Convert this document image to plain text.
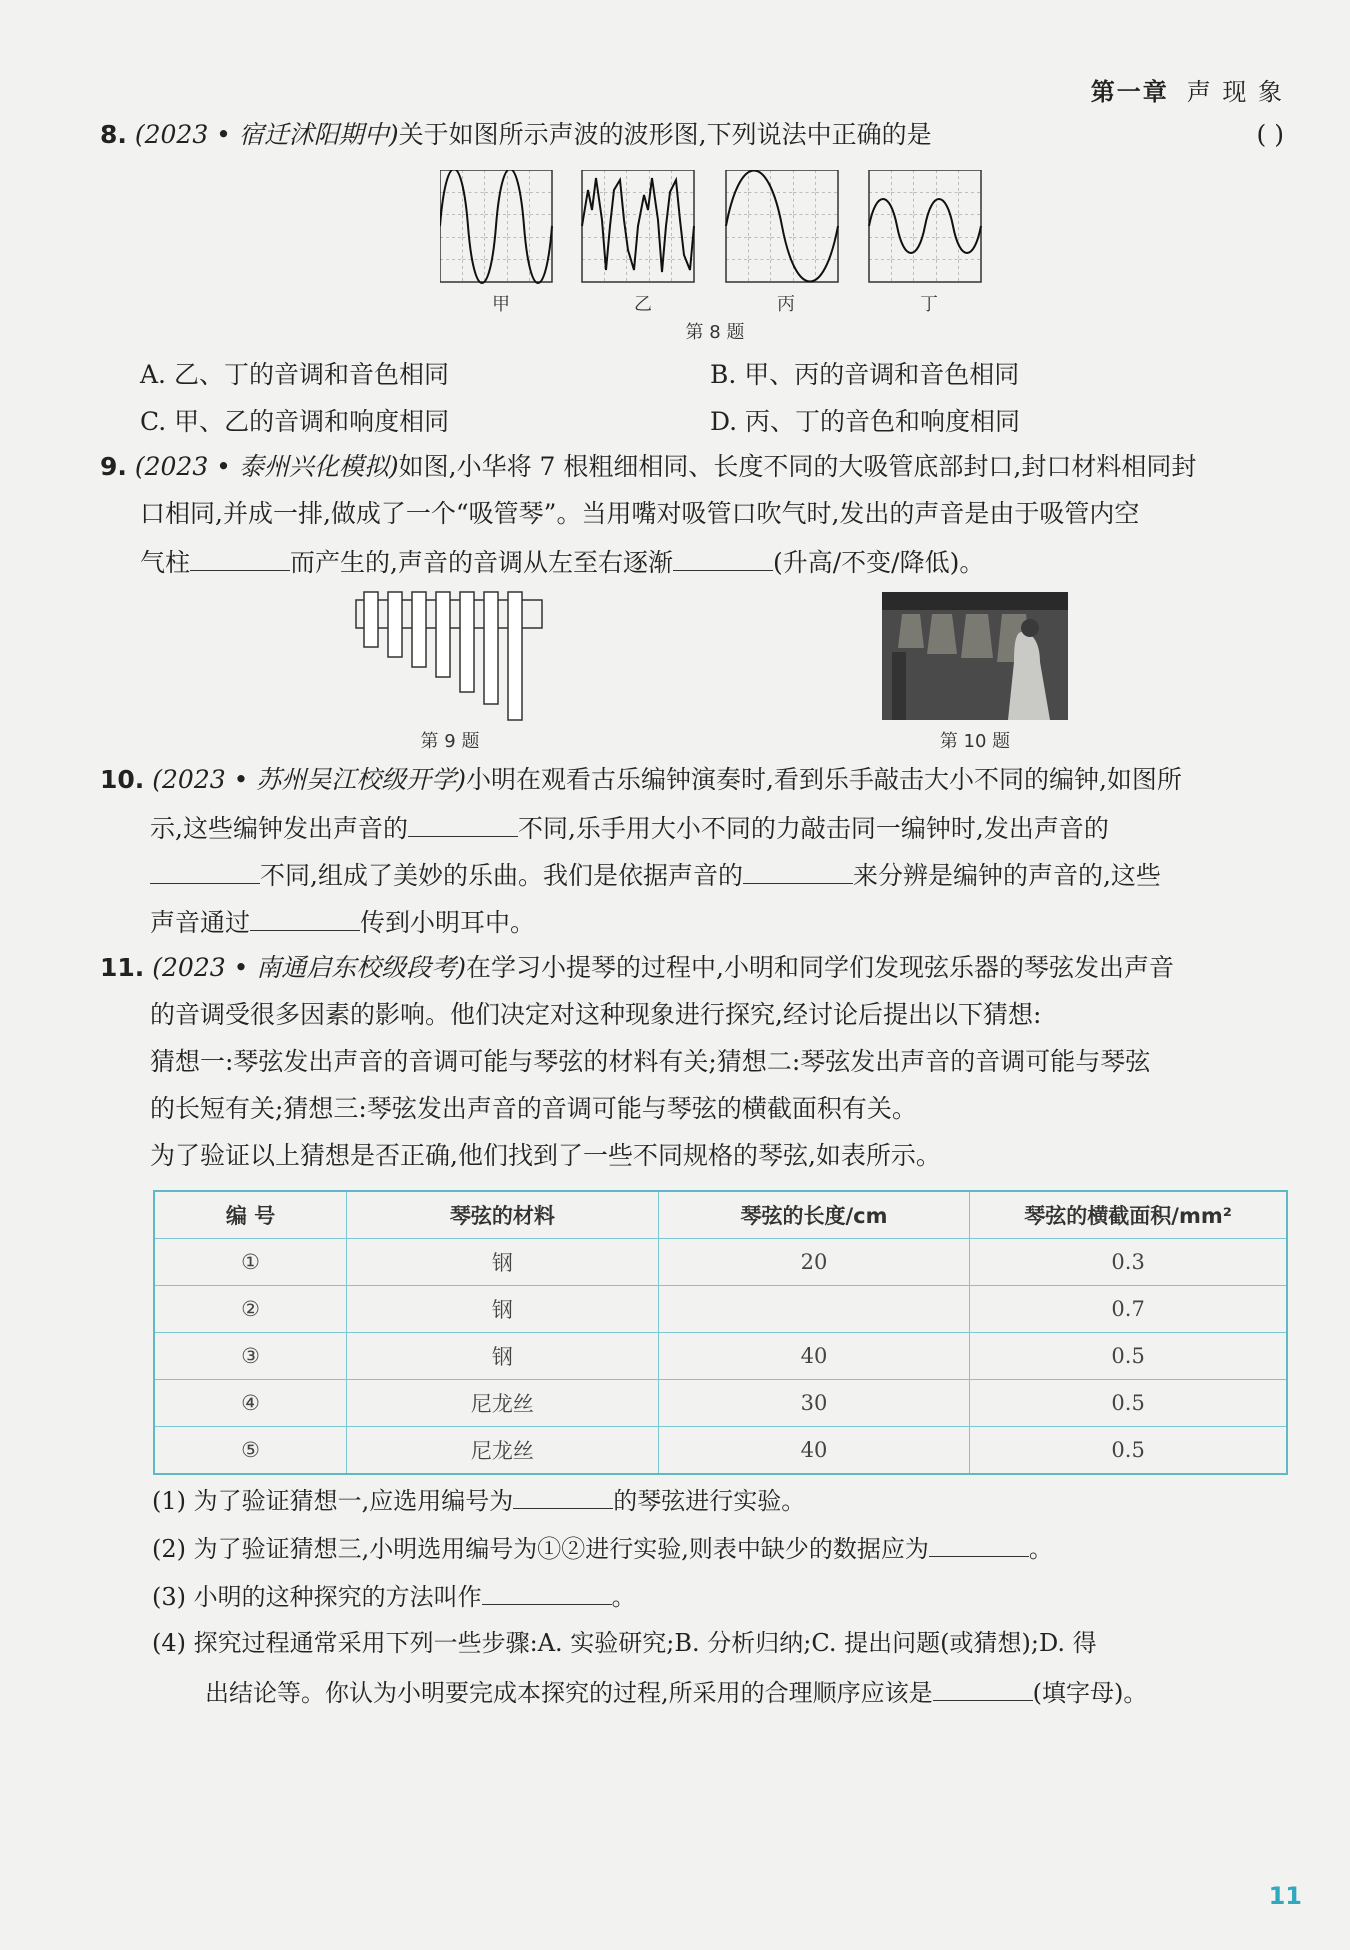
第一章 声 现 象
8. (2023 • 宿迁沭阳期中)关于如图所示声波的波形图,下列说法中正确的是	( )
甲	乙	丙	丁
第 8 题
A. 乙、丁的音调和音色相同	B. 甲、丙的音调和音色相同
C. 甲、乙的音调和响度相同	D. 丙、丁的音色和响度相同
9. (2023 • 泰州兴化模拟)如图,小华将 7 根粗细相同、长度不同的大吸管底部封口,封口材料相同封
口相同,并成一排,做成了一个“吸管琴”。当用嘴对吸管口吹气时,发出的声音是由于吸管内空
气柱	而产生的,声音的音调从左至右逐渐	(升高/不变/降低)。
第 9 题	第 10 题
10. (2023 • 苏州吴江校级开学)小明在观看古乐编钟演奏时,看到乐手敲击大小不同的编钟,如图所
示,这些编钟发出声音的	不同,乐手用大小不同的力敲击同一编钟时,发出声音的
不同,组成了美妙的乐曲。我们是依据声音的	来分辨是编钟的声音的,这些
声音通过	传到小明耳中。
11. (2023 • 南通启东校级段考)在学习小提琴的过程中,小明和同学们发现弦乐器的琴弦发出声音
的音调受很多因素的影响。他们决定对这种现象进行探究,经讨论后提出以下猜想:
猜想一:琴弦发出声音的音调可能与琴弦的材料有关;猜想二:琴弦发出声音的音调可能与琴弦
的长短有关;猜想三:琴弦发出声音的音调可能与琴弦的横截面积有关。
为了验证以上猜想是否正确,他们找到了一些不同规格的琴弦,如表所示。
编 号	琴弦的材料	琴弦的长度/cm	琴弦的横截面积/mm²
①	钢	20	0.3
②	钢		0.7
③	钢	40	0.5
④	尼龙丝	30	0.5
⑤	尼龙丝	40	0.5
(1) 为了验证猜想一,应选用编号为	的琴弦进行实验。
(2) 为了验证猜想三,小明选用编号为①②进行实验,则表中缺少的数据应为	。
(3) 小明的这种探究的方法叫作	。
(4) 探究过程通常采用下列一些步骤:A. 实验研究;B. 分析归纳;C. 提出问题(或猜想);D. 得
出结论等。你认为小明要完成本探究的过程,所采用的合理顺序应该是	(填字母)。
11
